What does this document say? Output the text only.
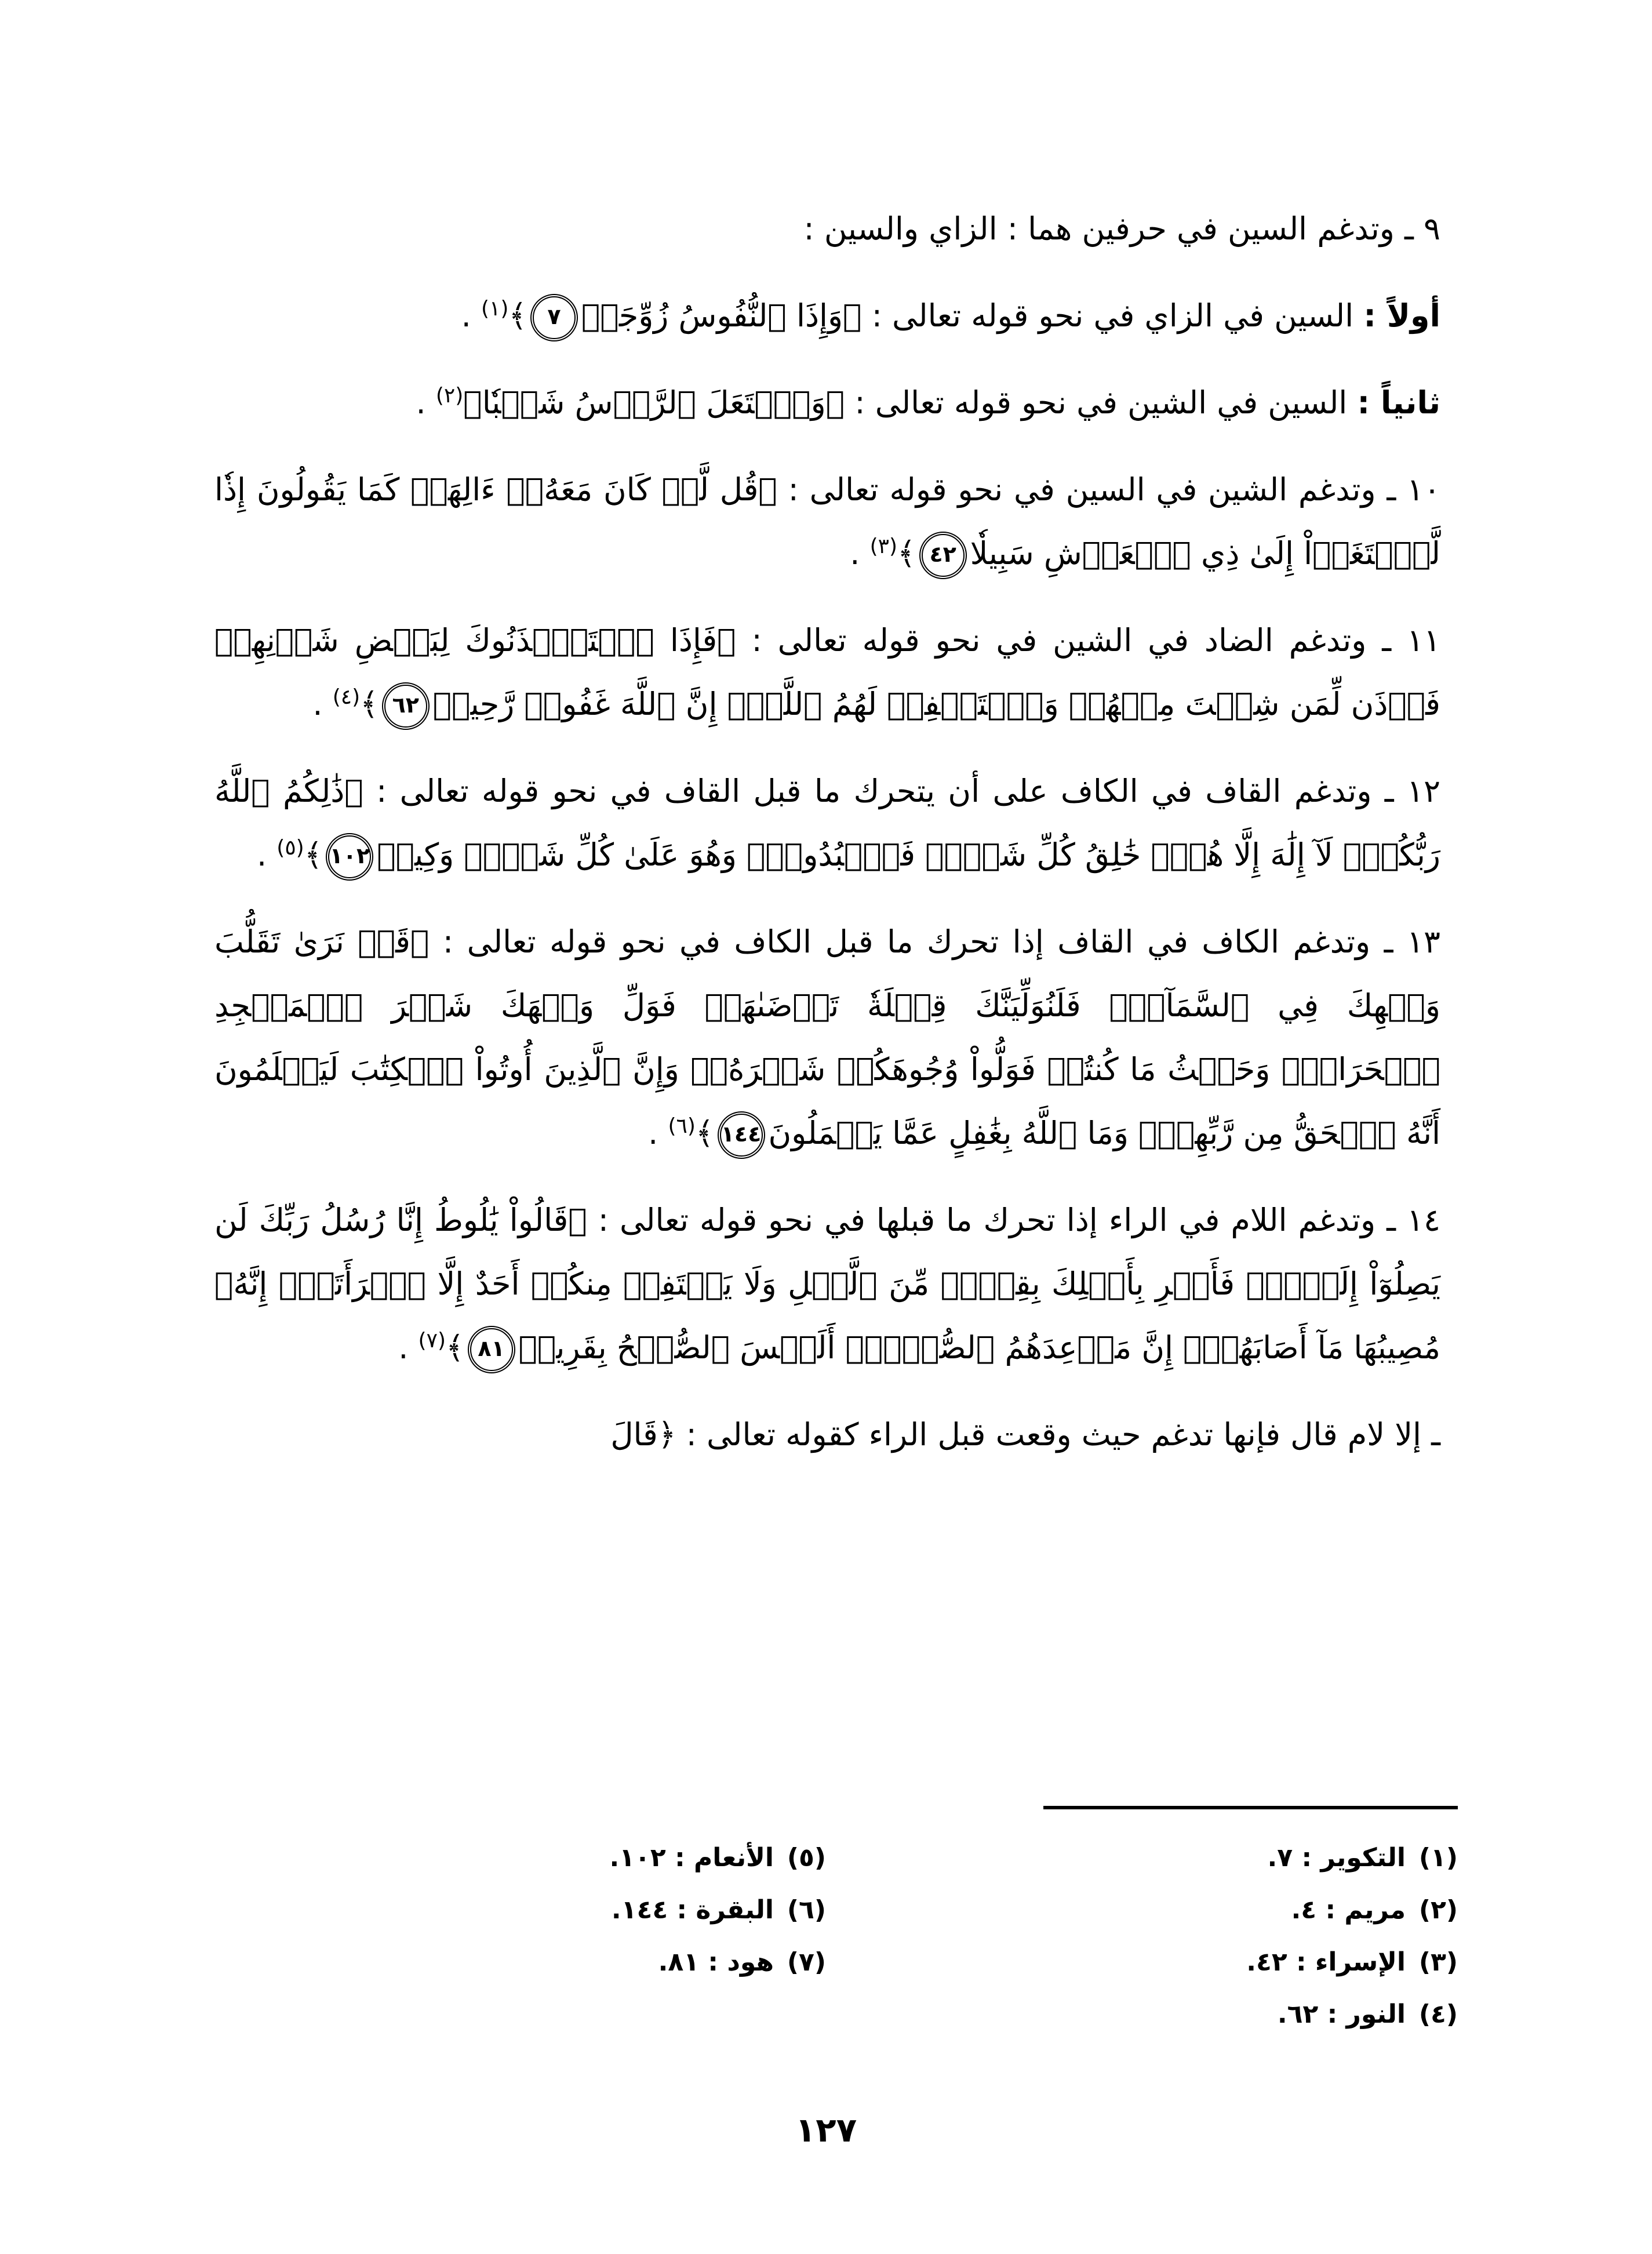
٩ ـ وتدغم السين في حرفين هما : الزاي والسين :

أولاً : السين في الزاي في نحو قوله تعالى : ﴿وَإِذَا ٱلنُّفُوسُ زُوِّجَتۡ٧﴾$^{(١)}$ .

ثانياً : السين في الشين في نحو قوله تعالى : ﴿وَٱشۡتَعَلَ ٱلرَّأۡسُ شَيۡبٗا﴾$^{(٢)}$ .

١٠ ـ وتدغم الشين في السين في نحو قوله تعالى : ﴿قُل لَّوۡ كَانَ مَعَهُۥٓ ءَالِهَةٞ كَمَا يَقُولُونَ إِذٗا لَّٱبۡتَغَوۡاْ إِلَىٰ ذِي ٱلۡعَرۡشِ سَبِيلٗا٤٢﴾$^{(٣)}$ .

١١ ـ وتدغم الضاد في الشين في نحو قوله تعالى : ﴿فَإِذَا ٱسۡتَـٔۡذَنُوكَ لِبَعۡضِ شَأۡنِهِمۡ فَأۡذَن لِّمَن شِئۡتَ مِنۡهُمۡ وَٱسۡتَغۡفِرۡ لَهُمُ ٱللَّهَۚ إِنَّ ٱللَّهَ غَفُورٞ رَّحِيمٞ٦٢﴾$^{(٤)}$ .

١٢ ـ وتدغم القاف في الكاف على أن يتحرك ما قبل القاف في نحو قوله تعالى : ﴿ذَٰلِكُمُ ٱللَّهُ رَبُّكُمۡۖ لَآ إِلَٰهَ إِلَّا هُوَۖ خَٰلِقُ كُلِّ شَيۡءٖ فَٱعۡبُدُوهُۚ وَهُوَ عَلَىٰ كُلِّ شَيۡءٖ وَكِيلٞ١٠٢﴾$^{(٥)}$ .

١٣ ـ وتدغم الكاف في القاف إذا تحرك ما قبل الكاف في نحو قوله تعالى : ﴿قَدۡ نَرَىٰ تَقَلُّبَ وَجۡهِكَ فِي ٱلسَّمَآءِۖ فَلَنُوَلِّيَنَّكَ قِبۡلَةٗ تَرۡضَىٰهَاۚ فَوَلِّ وَجۡهَكَ شَطۡرَ ٱلۡمَسۡجِدِ ٱلۡحَرَامِۚ وَحَيۡثُ مَا كُنتُمۡ فَوَلُّواْ وُجُوهَكُمۡ شَطۡرَهُۥۗ وَإِنَّ ٱلَّذِينَ أُوتُواْ ٱلۡكِتَٰبَ لَيَعۡلَمُونَ أَنَّهُ ٱلۡحَقُّ مِن رَّبِّهِمۡۗ وَمَا ٱللَّهُ بِغَٰفِلٍ عَمَّا يَعۡمَلُونَ١٤٤﴾$^{(٦)}$ .

١٤ ـ وتدغم اللام في الراء إذا تحرك ما قبلها في نحو قوله تعالى : ﴿قَالُواْ يَٰلُوطُ إِنَّا رُسُلُ رَبِّكَ لَن يَصِلُوٓاْ إِلَيۡكَۖ فَأَسۡرِ بِأَهۡلِكَ بِقِطۡعٖ مِّنَ ٱلَّيۡلِ وَلَا يَلۡتَفِتۡ مِنكُمۡ أَحَدٌ إِلَّا ٱمۡرَأَتَكَۖ إِنَّهُۥ مُصِيبُهَا مَآ أَصَابَهُمۡۚ إِنَّ مَوۡعِدَهُمُ ٱلصُّبۡحُۚ أَلَيۡسَ ٱلصُّبۡحُ بِقَرِيبٖ٨١﴾$^{(٧)}$ .

ـ إلا لام قال فإنها تدغم حيث وقعت قبل الراء كقوله تعالى : ﴿قَالَ

(١)التكوير : ٧.
(٢)مريم : ٤.
(٣)الإسراء : ٤٢.
(٤)النور : ٦٢.
(٥)الأنعام : ١٠٢.
(٦)البقرة : ١٤٤.
(٧)هود : ٨١.
١٢٧
